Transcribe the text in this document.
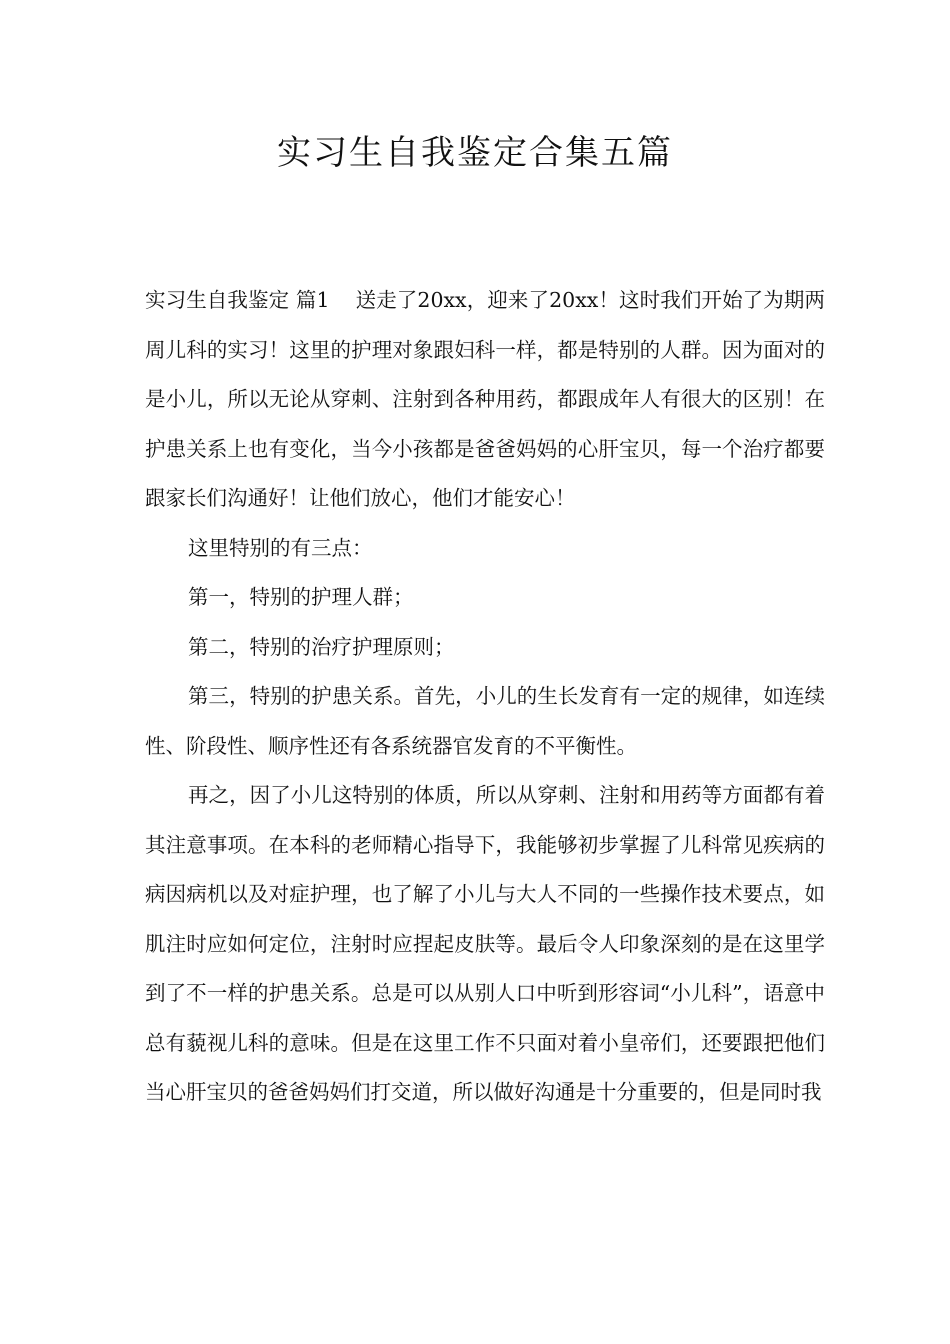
实习生自我鉴定合集五篇

实习生自我鉴定 篇1 送走了20xx，迎来了20xx！这时我们开始了为期两周儿科的实习！这里的护理对象跟妇科一样，都是特别的人群。因为面对的是小儿，所以无论从穿刺、注射到各种用药，都跟成年人有很大的区别！在护患关系上也有变化，当今小孩都是爸爸妈妈的心肝宝贝，每一个治疗都要跟家长们沟通好！让他们放心，他们才能安心！

这里特别的有三点：

第一，特别的护理人群；

第二，特别的治疗护理原则；

第三，特别的护患关系。首先，小儿的生长发育有一定的规律，如连续性、阶段性、顺序性还有各系统器官发育的不平衡性。

再之，因了小儿这特别的体质，所以从穿刺、注射和用药等方面都有着其注意事项。在本科的老师精心指导下，我能够初步掌握了儿科常见疾病的病因病机以及对症护理，也了解了小儿与大人不同的一些操作技术要点，如肌注时应如何定位，注射时应捏起皮肤等。最后令人印象深刻的是在这里学到了不一样的护患关系。总是可以从别人口中听到形容词“小儿科”，语意中总有藐视儿科的意味。但是在这里工作不只面对着小皇帝们，还要跟把他们当心肝宝贝的爸爸妈妈们打交道，所以做好沟通是十分重要的，但是同时我
